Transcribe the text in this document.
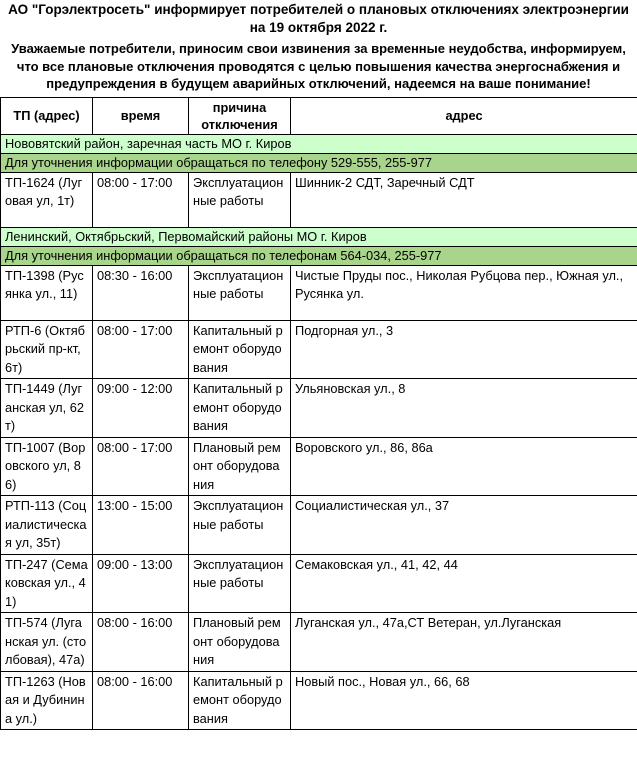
АО "Горэлектросеть" информирует потребителей о плановых отключениях электроэнергии на 19 октября 2022 г.
Уважаемые потребители, приносим свои извинения за временные неудобства, информируем, что все плановые отключения проводятся с целью повышения качества энергоснабжения и предупреждения в будущем аварийных отключений, надеемся на ваше понимание!
ТП (адрес)	время	причина отключения	адрес
Нововятский район, заречная часть МО г. Киров			
Для уточнения информации обращаться по телефону 529-555, 255-977			
ТП-1624 (Луговая ул, 1т)	08:00 - 17:00	Эксплуатационные работы	Шинник-2 СДТ, Заречный СДТ
Ленинский, Октябрьский, Первомайский районы МО г. Киров			
Для уточнения информации обращаться по телефонам 564-034, 255-977			
ТП-1398 (Русянка ул., 11)	08:30 - 16:00	Эксплуатационные работы	Чистые Пруды пос., Николая Рубцова пер., Южная ул., Русянка ул.
РТП-6 (Октябрьский пр-кт, 6т)	08:00 - 17:00	Капитальный ремонт оборудования	Подгорная ул., 3
ТП-1449 (Луганская ул, 62т)	09:00 - 12:00	Капитальный ремонт оборудования	Ульяновская ул., 8
ТП-1007 (Воровского ул, 86)	08:00 - 17:00	Плановый ремонт оборудования	Воровского ул., 86, 86а
РТП-113 (Социалистическая ул, 35т)	13:00 - 15:00	Эксплуатационные работы	Социалистическая ул., 37
ТП-247 (Семаковская ул., 41)	09:00 - 13:00	Эксплуатационные работы	Семаковская ул., 41, 42, 44
ТП-574 (Луганская ул. (столбовая), 47а)	08:00 - 16:00	Плановый ремонт оборудования	Луганская ул., 47а,СТ Ветеран, ул.Луганская
ТП-1263 (Новая и Дубинина ул.)	08:00 - 16:00	Капитальный ремонт оборудования	Новый пос., Новая ул., 66, 68
